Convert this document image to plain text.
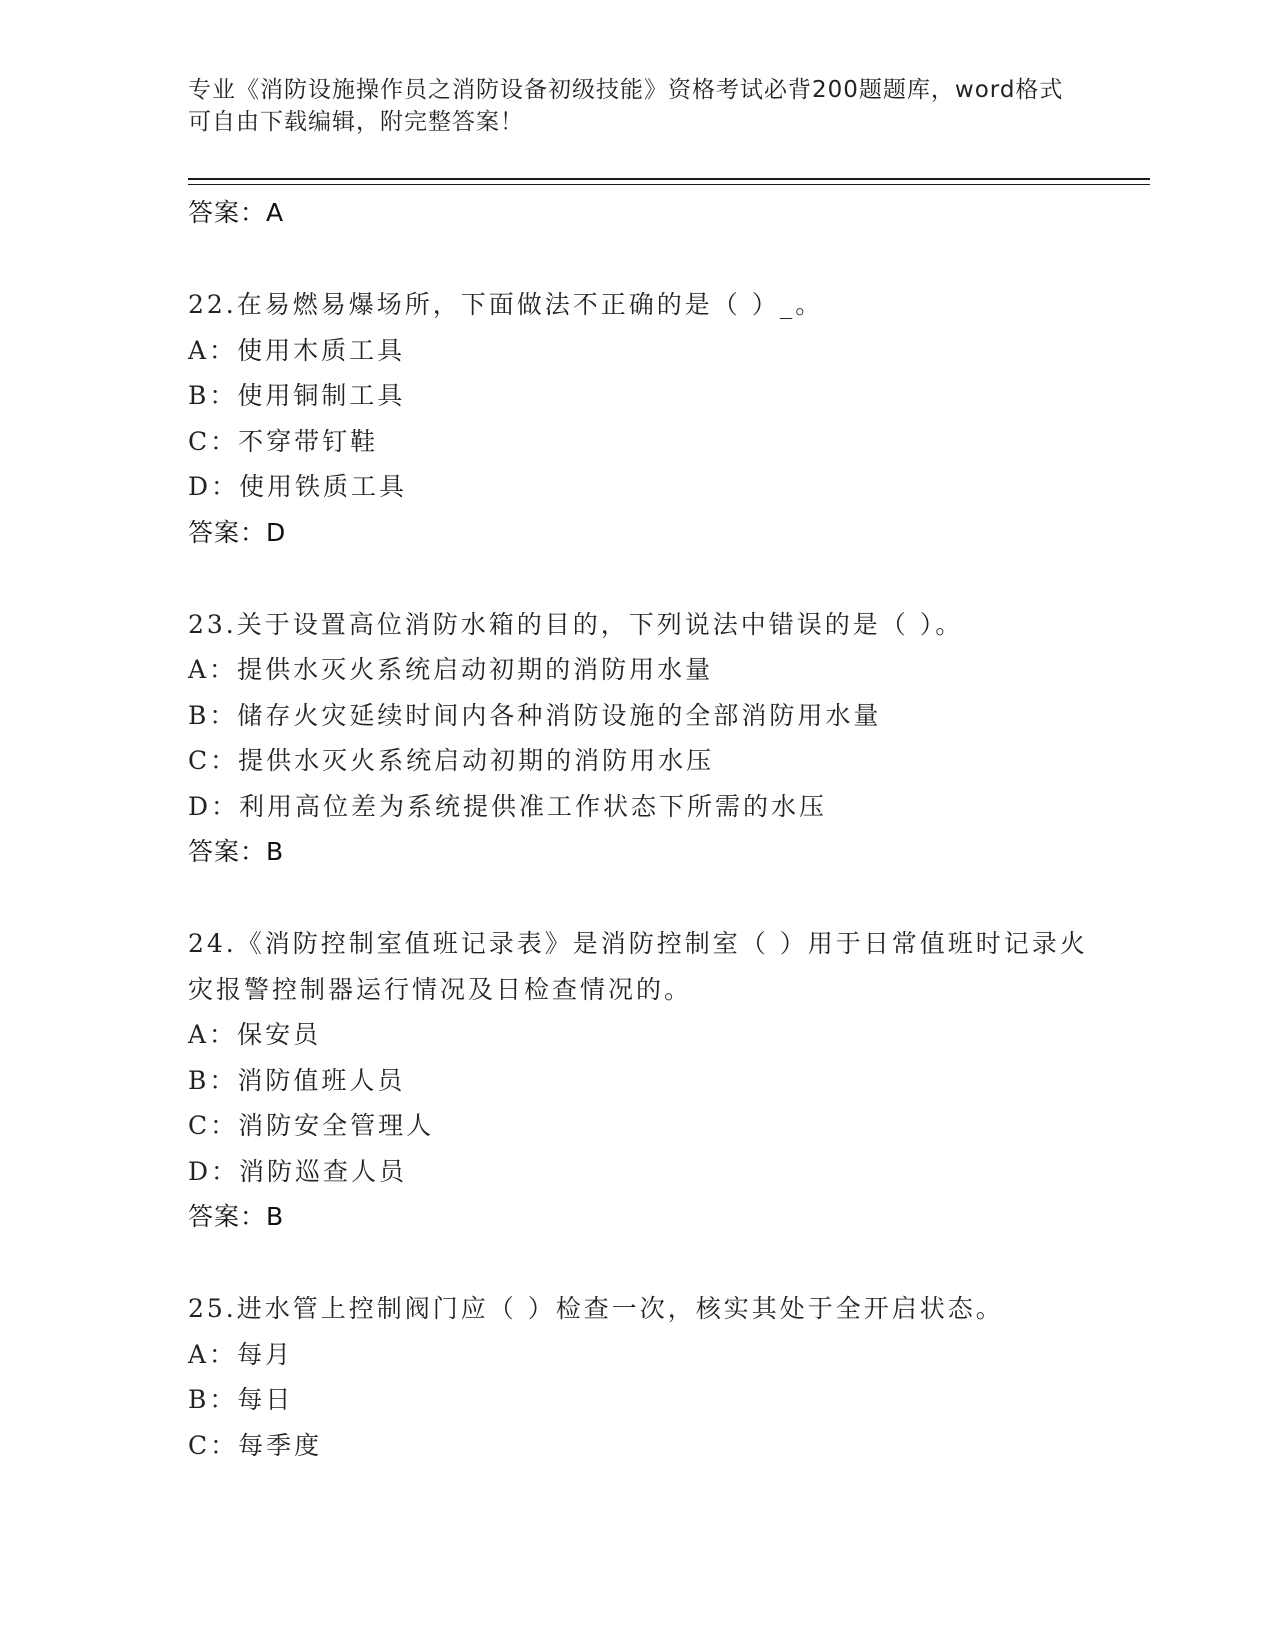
专业《消防设施操作员之消防设备初级技能》资格考试必背200题题库，word格式可自由下载编辑，附完整答案！
答案：A
22.在易燃易爆场所，下面做法不正确的是（ ）_。
A：使用木质工具
B：使用铜制工具
C：不穿带钉鞋
D：使用铁质工具
答案：D
23.关于设置高位消防水箱的目的，下列说法中错误的是（ ）。
A：提供水灭火系统启动初期的消防用水量
B：储存火灾延续时间内各种消防设施的全部消防用水量
C：提供水灭火系统启动初期的消防用水压
D：利用高位差为系统提供准工作状态下所需的水压
答案：B
24.《消防控制室值班记录表》是消防控制室（ ）用于日常值班时记录火灾报警控制器运行情况及日检查情况的。
A：保安员
B：消防值班人员
C：消防安全管理人
D：消防巡查人员
答案：B
25.进水管上控制阀门应（ ）检查一次，核实其处于全开启状态。
A：每月
B：每日
C：每季度
